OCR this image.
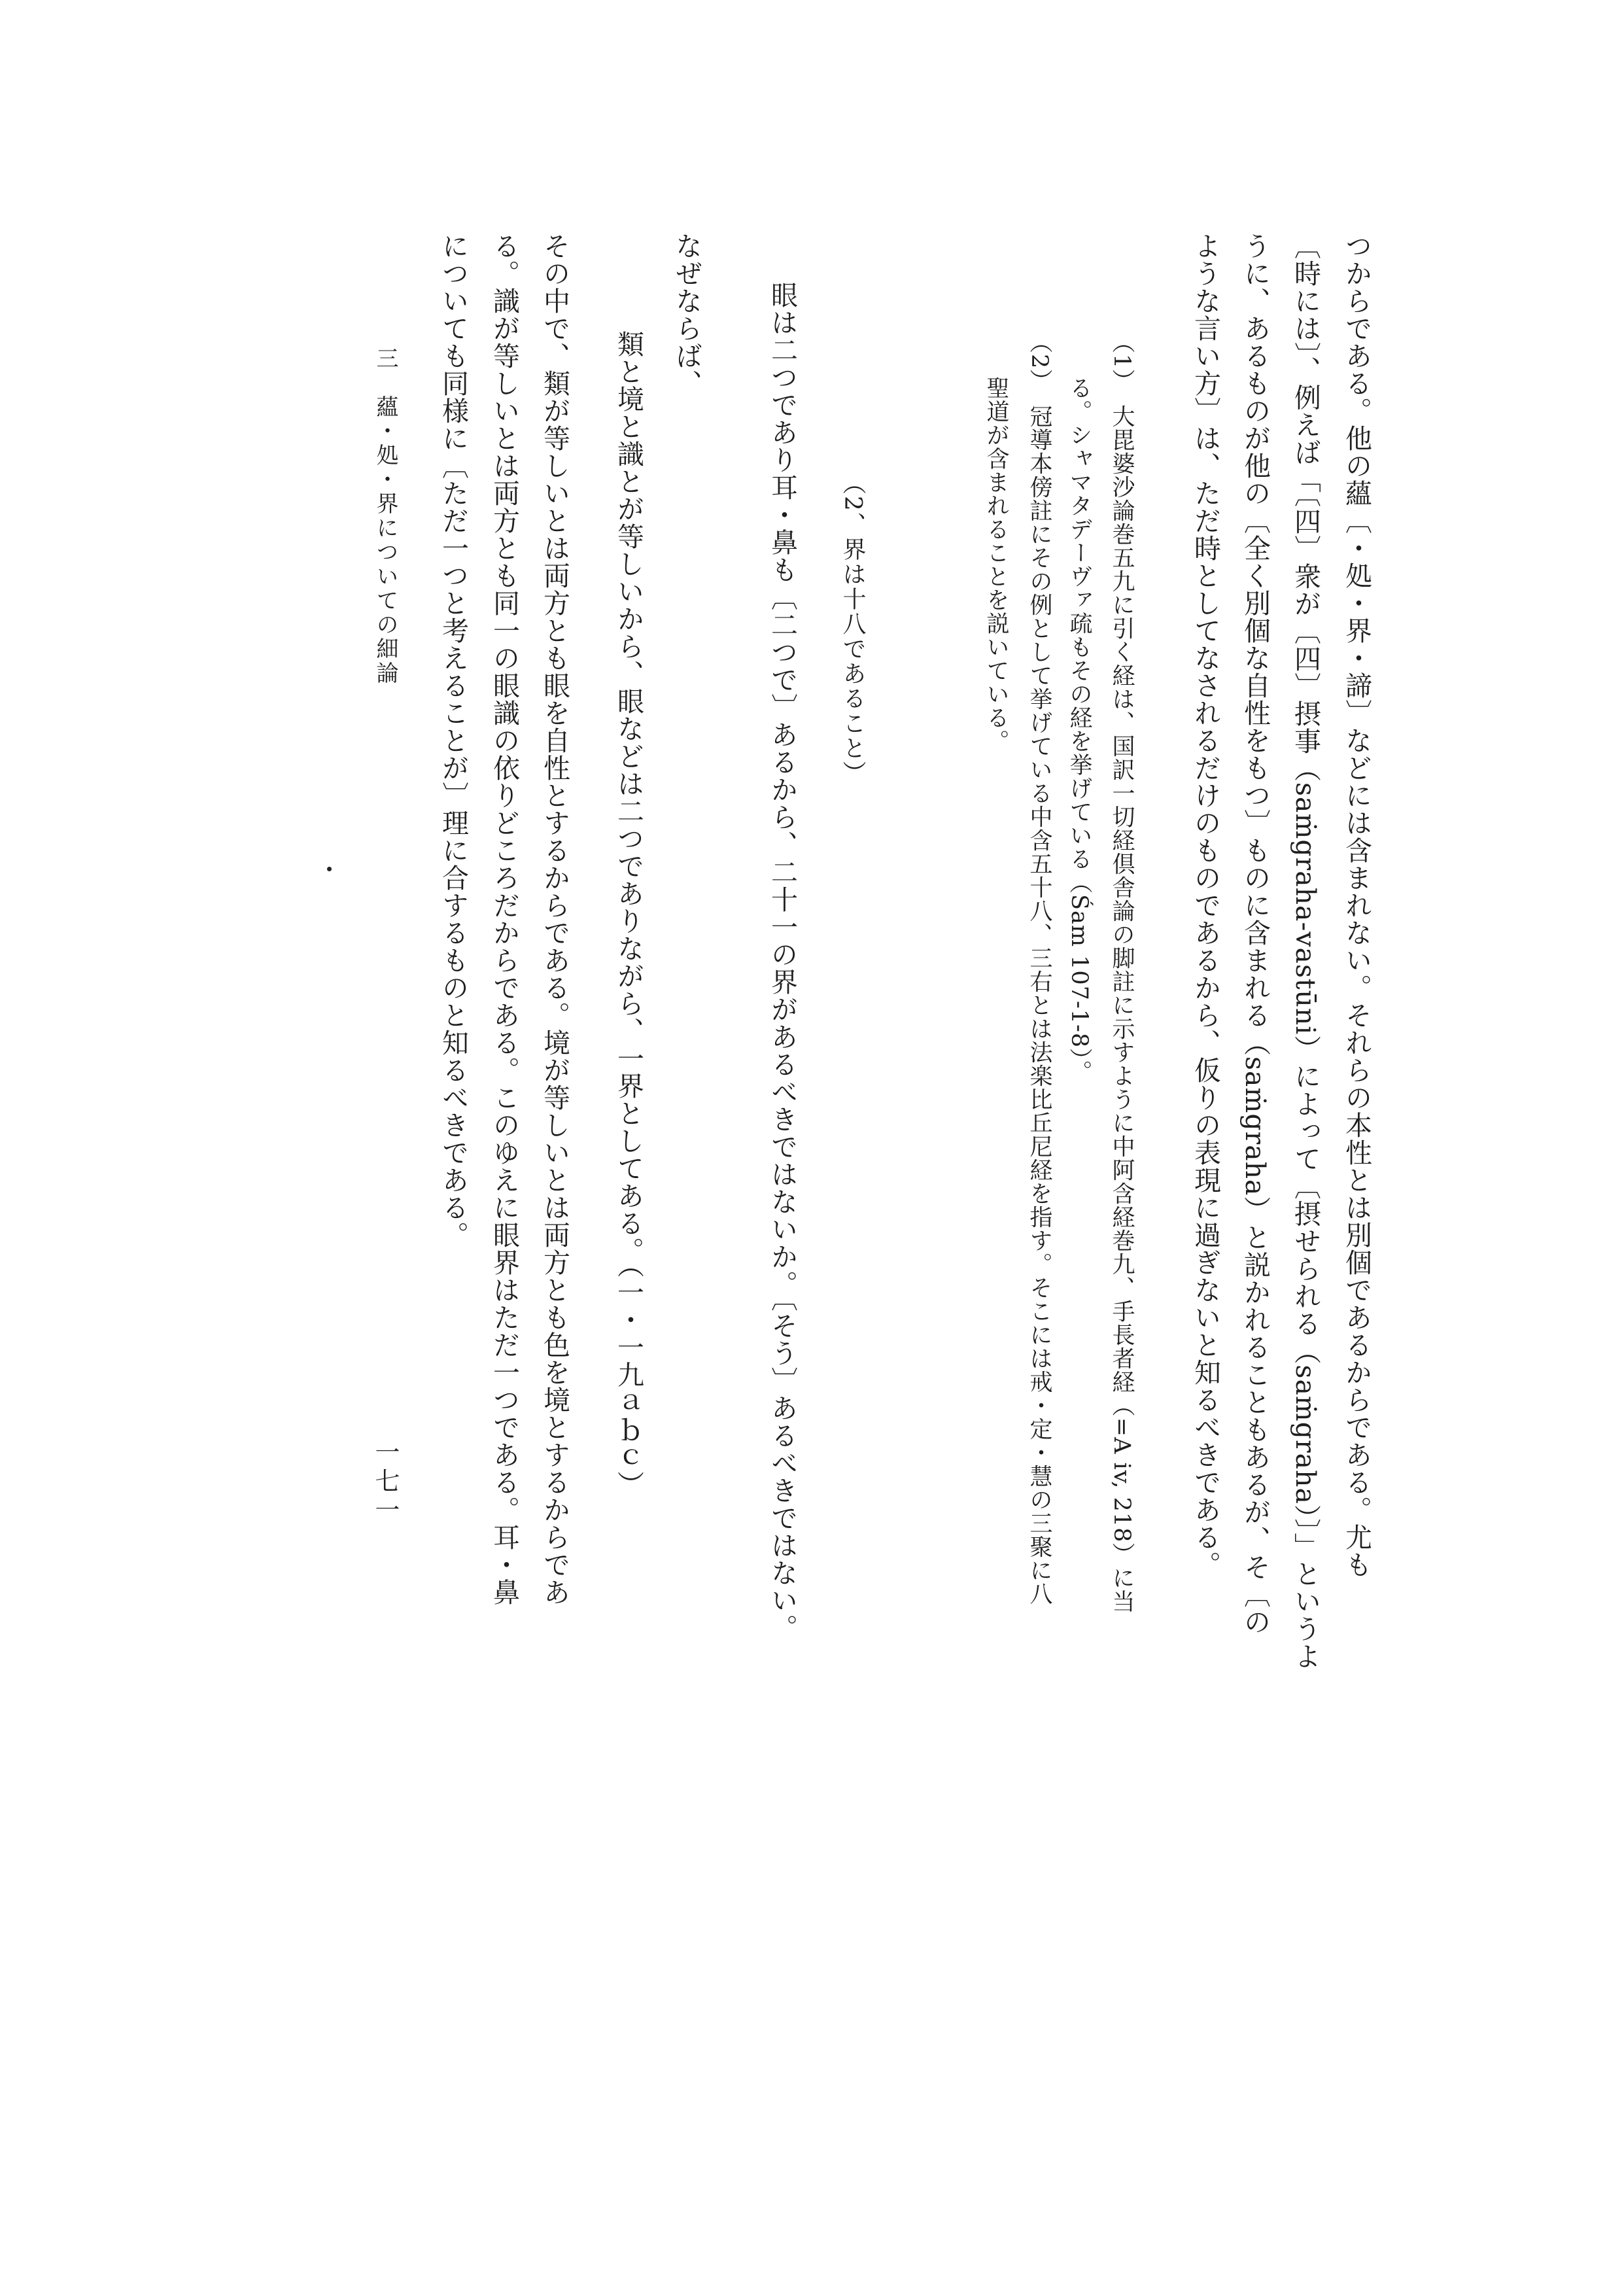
つからである。他の蘊〔・処・界・諦〕などには含まれない。それらの本性とは別個であるからである。尤も
〔時には〕、例えば「〔四〕衆が〔四〕摂事（saṁgraha-vastūni）によって〔摂せられる（saṁgraha）〕」というよ
うに、あるものが他の〔全く別個な自性をもつ〕ものに含まれる（saṁgraha）と説かれることもあるが、そ〔の
ような言い方〕は、ただ時としてなされるだけのものであるから、仮りの表現に過ぎないと知るべきである。
（1）　大毘婆沙論巻五九に引く経は、国訳一切経倶舎論の脚註に示すように中阿含経巻九、手長者経（=A iv, 218）に当
る。シャマタデーヴァ疏もその経を挙げている（Śam 107-1-8）。
（2）　冠導本傍註にその例として挙げている中含五十八、三右とは法楽比丘尼経を指す。そこには戒・定・慧の三聚に八
聖道が含まれることを説いている。
（2、界は十八であること）
眼は二つであり耳・鼻も〔二つで〕あるから、二十一の界があるべきではないか。〔そう〕あるべきではない。
なぜならば、
類と境と識とが等しいから、眼などは二つでありながら、一界としてある。（一・一九ａｂｃ）
その中で、類が等しいとは両方とも眼を自性とするからである。境が等しいとは両方とも色を境とするからであ
る。識が等しいとは両方とも同一の眼識の依りどころだからである。このゆえに眼界はただ一つである。耳・鼻
についても同様に〔ただ一つと考えることが〕理に合するものと知るべきである。
三　蘊・処・界についての細論
一七一
